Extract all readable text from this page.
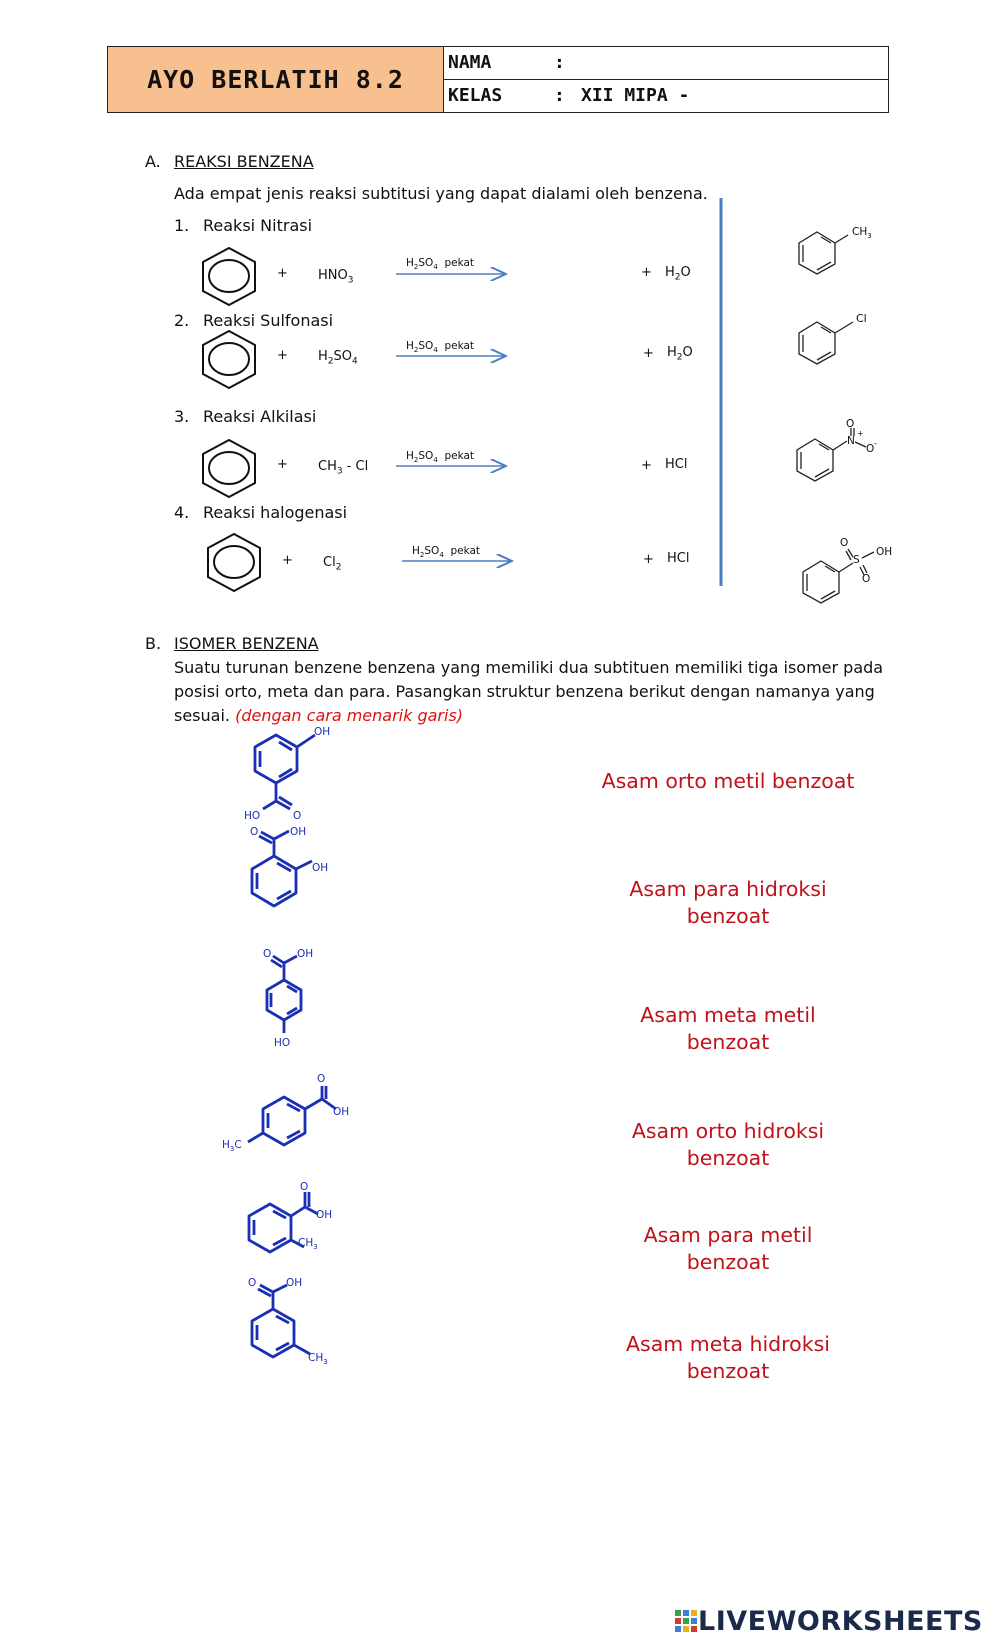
AYO BERLATIH 8.2
NAMA	:
KELAS	: XII MIPA -
A. REAKSI BENZENA
Ada empat jenis reaksi subtitusi yang dapat dialami oleh benzena.
1. Reaksi Nitrasi
+ $HNO_3$
$H_2SO_4$ pekat
+ $H_2O$
2. Reaksi Sulfonasi
+ $H_2SO_4$
$H_2SO_4$ pekat	+ $H_2O$
3. Reaksi Alkilasi
+ $CH_3$ - Cl
$H_2SO_4$ pekat
+ HCl
4. Reaksi halogenasi
+ $Cl_2$
$H_2SO_4$ pekat
+ HCl
$CH_3$
Cl
O
N
+
O -
O
S
O
OH
B. ISOMER BENZENA
Suatu turunan benzene benzena yang memiliki dua subtituen memiliki tiga isomer pada
posisi orto, meta dan para. Pasangkan struktur benzena berikut dengan namanya yang
sesuai. (dengan cara menarik garis)
OH
HO	O
O	OH
OH
O OH
HO
O
OH
$H_3C$
O
OH
$CH_3$
O	OH
$CH_3$
Asam orto metil benzoat
Asam para hidroksi
benzoat
Asam meta metil
benzoat
Asam orto hidroksi
benzoat
Asam para metil
benzoat
Asam meta hidroksi
benzoat
LIVEWORKSHEETS
